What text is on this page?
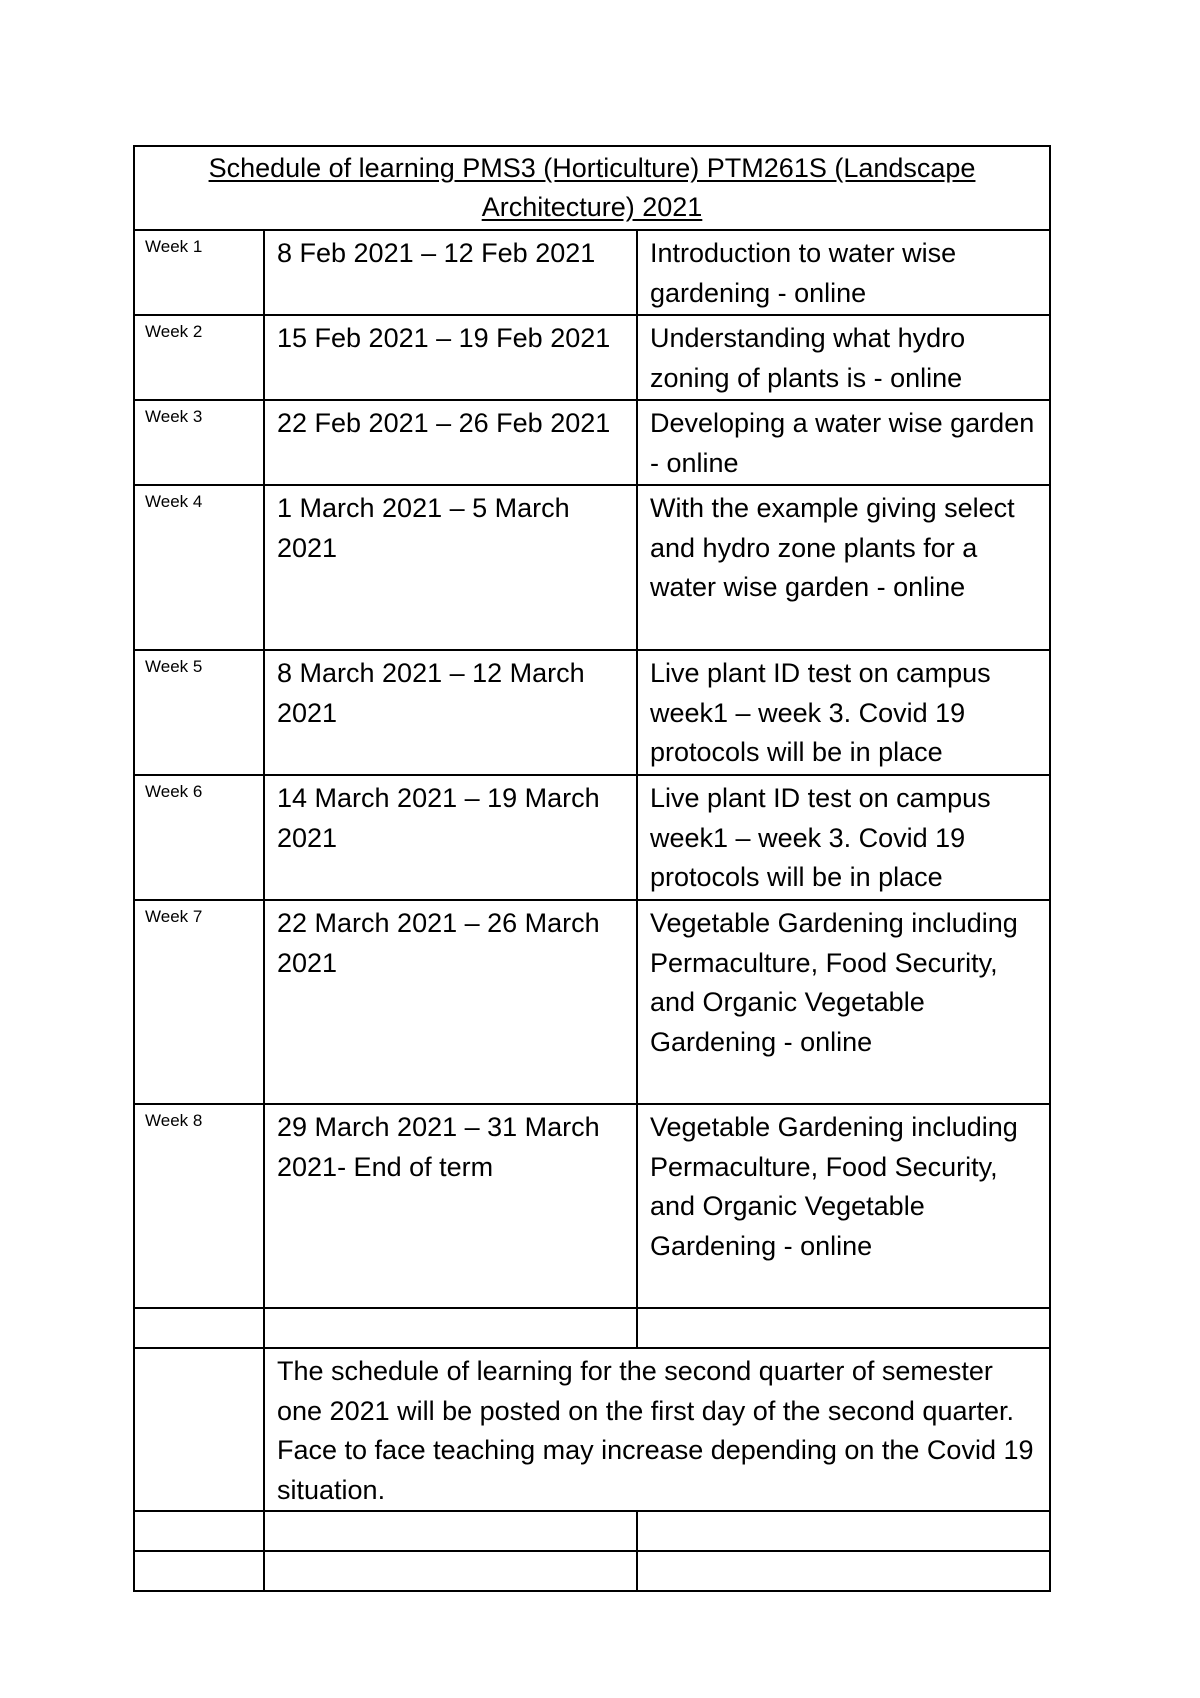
Schedule of learning PMS3 (Horticulture) PTM261S (Landscape Architecture) 2021		
Week 1	8 Feb 2021 – 12 Feb 2021	Introduction to water wise gardening - online
Week 2	15 Feb 2021 – 19 Feb 2021	Understanding what hydro zoning of plants is - online
Week 3	22 Feb 2021 – 26 Feb 2021	Developing a water wise garden - online
Week 4	1 March 2021 – 5 March 2021	With the example giving select and hydro zone plants for a water wise garden - online
Week 5	8 March 2021 – 12 March 2021	Live plant ID test on campus week1 – week 3. Covid 19 protocols will be in place
Week 6	14 March 2021 – 19 March 2021	Live plant ID test on campus week1 – week 3. Covid 19 protocols will be in place
Week 7	22 March 2021 – 26 March 2021	Vegetable Gardening including Permaculture, Food Security, and Organic Vegetable Gardening - online
Week 8	29 March 2021 – 31 March 2021- End of term	Vegetable Gardening including Permaculture, Food Security, and Organic Vegetable Gardening - online

	The schedule of learning for the second quarter of semester one 2021 will be posted on the first day of the second quarter. Face to face teaching may increase depending on the Covid 19 situation.	
